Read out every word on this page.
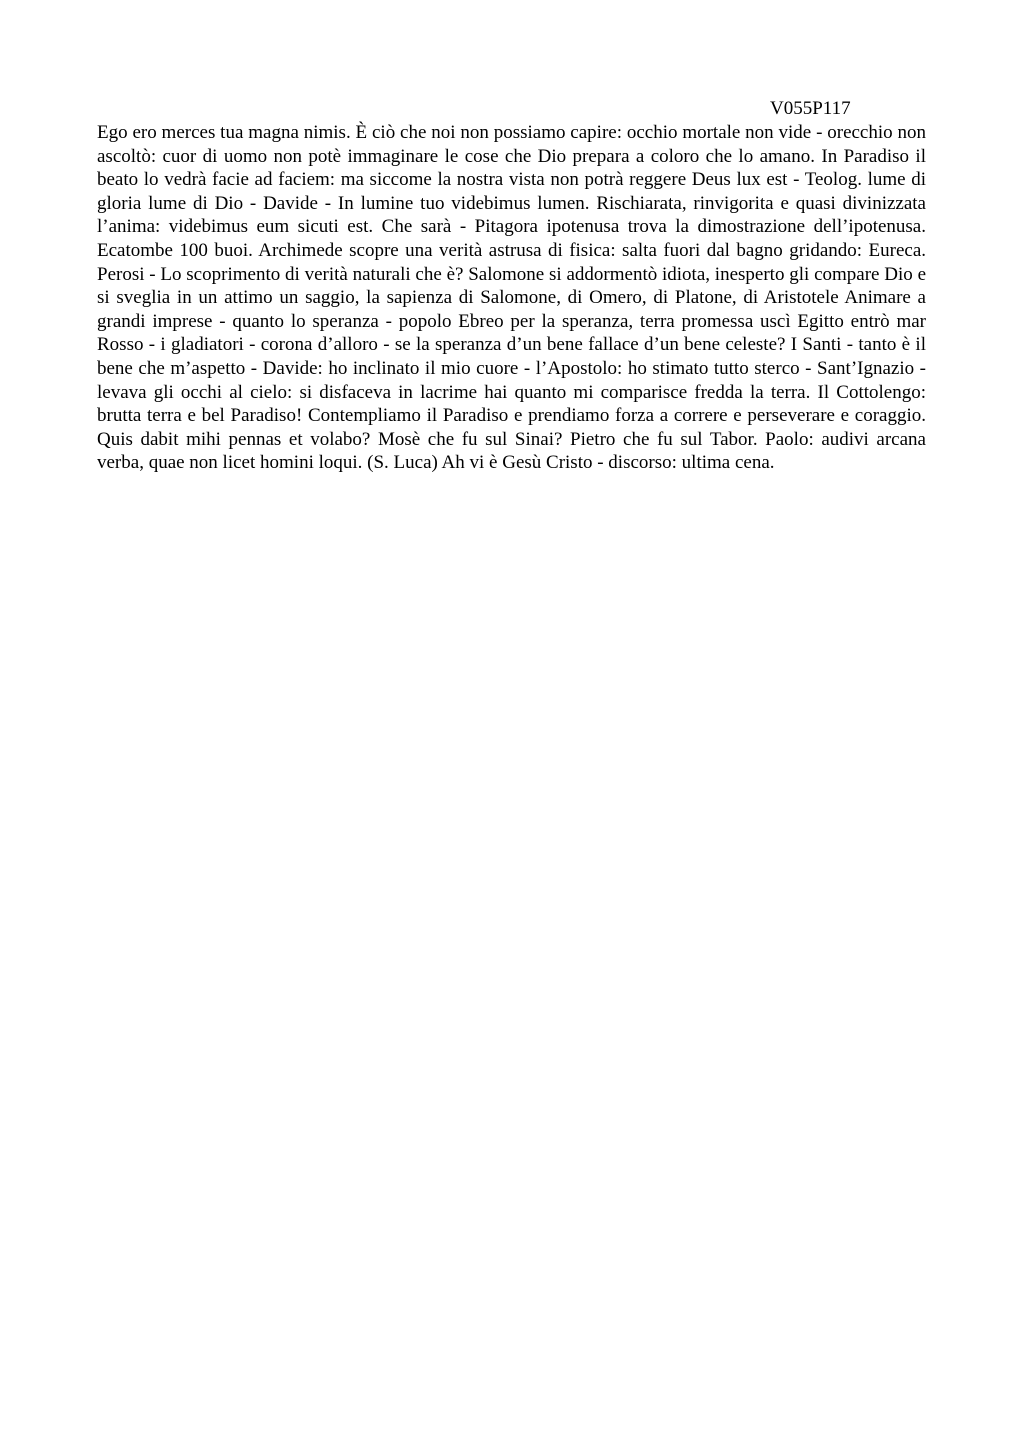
V055P117

Ego ero merces tua magna nimis. È ciò che noi non possiamo capire: occhio mortale non vide - orecchio non ascoltò: cuor di uomo non potè immaginare le cose che Dio prepara a coloro che lo amano. In Paradiso il beato lo vedrà facie ad faciem: ma siccome la nostra vista non potrà reggere Deus lux est - Teolog. lume di gloria lume di Dio - Davide - In lumine tuo videbimus lumen. Rischiarata, rinvigorita e quasi divinizzata l’anima: videbimus eum sicuti est. Che sarà - Pitagora ipotenusa trova la dimostrazione dell’ipotenusa. Ecatombe 100 buoi. Archimede scopre una verità astrusa di fisica: salta fuori dal bagno gridando: Eureca. Perosi - Lo scoprimento di verità naturali che è? Salomone si addormentò idiota, inesperto gli compare Dio e si sveglia in un attimo un saggio, la sapienza di Salomone, di Omero, di Platone, di Aristotele Animare a grandi imprese - quanto lo speranza - popolo Ebreo per la speranza, terra promessa uscì Egitto entrò mar Rosso - i gladiatori - corona d’alloro - se la speranza d’un bene fallace d’un bene celeste? I Santi - tanto è il bene che m’aspetto - Davide: ho inclinato il mio cuore - l’Apostolo: ho stimato tutto sterco - Sant’Ignazio - levava gli occhi al cielo: si disfaceva in lacrime hai quanto mi comparisce fredda la terra. Il Cottolengo: brutta terra e bel Paradiso! Contempliamo il Paradiso e prendiamo forza a correre e perseverare e coraggio. Quis dabit mihi pennas et volabo? Mosè che fu sul Sinai? Pietro che fu sul Tabor. Paolo: audivi arcana verba, quae non licet homini loqui. (S. Luca) Ah vi è Gesù Cristo - discorso: ultima cena.
